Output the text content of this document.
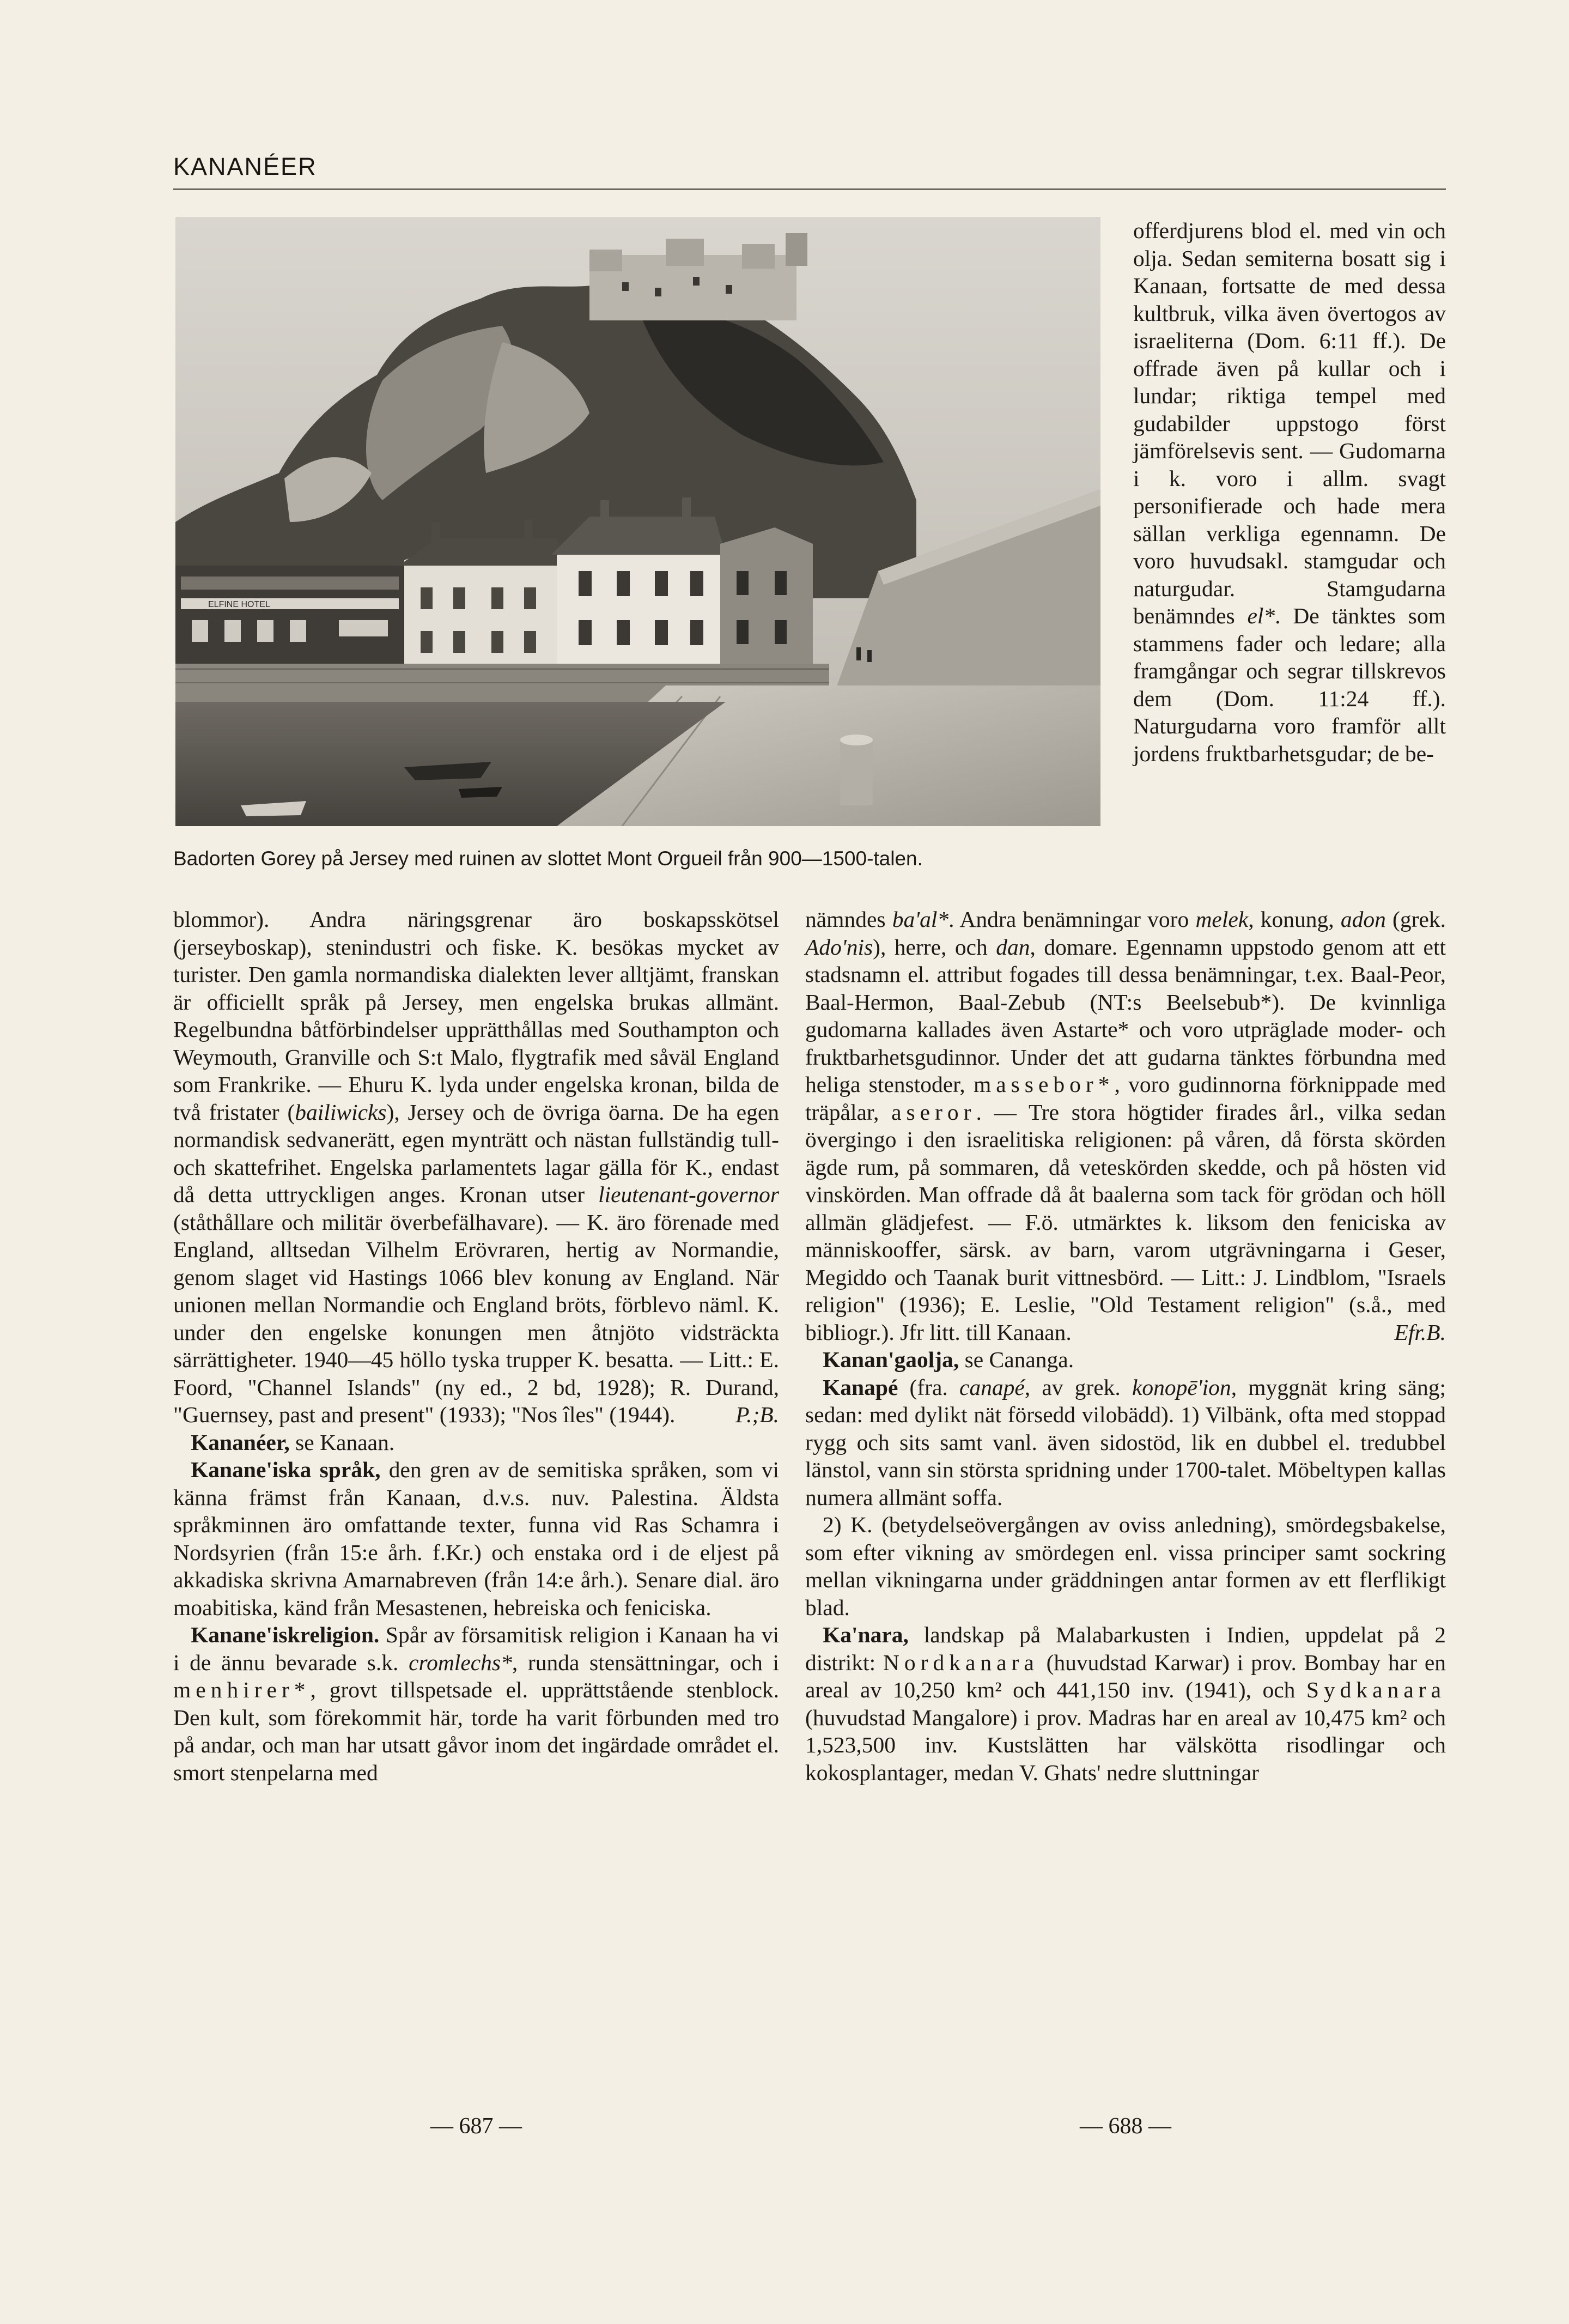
KANANÉER
ELFINE HOTEL
Badorten Gorey på Jersey med ruinen av slottet Mont Orgueil från 900—1500-talen.

offerdjurens blod el. med vin och olja. Sedan semiterna bosatt sig i Kanaan, fortsatte de med dessa kultbruk, vilka även övertogos av israeliterna (Dom. 6:11 ff.). De offrade även på kullar och i lundar; riktiga tempel med gudabilder uppstogo först jämförelsevis sent. — Gudomarna i k. voro i allm. svagt personifierade och hade mera sällan verkliga egennamn. De voro huvudsakl. stamgudar och naturgudar. Stamgudarna benämndes el*. De tänktes som stammens fader och ledare; alla framgångar och segrar tillskrevos dem (Dom. 11:24 ff.). Naturgudarna voro framför allt jordens fruktbarhetsgudar; de be-

blommor). Andra näringsgrenar äro boskapsskötsel (jerseyboskap), stenindustri och fiske. K. besökas mycket av turister. Den gamla normandiska dialekten lever alltjämt, franskan är officiellt språk på Jersey, men engelska brukas allmänt. Regelbundna båtförbindelser upprätthållas med Southampton och Weymouth, Granville och S:t Malo, flygtrafik med såväl England som Frankrike. — Ehuru K. lyda under engelska kronan, bilda de två fristater (bailiwicks), Jersey och de övriga öarna. De ha egen normandisk sedvanerätt, egen mynträtt och nästan fullständig tull- och skattefrihet. Engelska parlamentets lagar gälla för K., endast då detta uttryckligen anges. Kronan utser lieutenant-governor (ståthållare och militär överbefälhavare). — K. äro förenade med England, alltsedan Vilhelm Erövraren, hertig av Normandie, genom slaget vid Hastings 1066 blev konung av England. När unionen mellan Normandie och England bröts, förblevo näml. K. under den engelske konungen men åtnjöto vidsträckta särrättigheter. 1940—45 höllo tyska trupper K. besatta. — Litt.: E. Foord, "Channel Islands" (ny ed., 2 bd, 1928); R. Durand, "Guernsey, past and present" (1933); "Nos îles" (1944).	P.;B.

Kananéer, se Kanaan.

Kanane'iska språk, den gren av de semitiska språken, som vi känna främst från Kanaan, d.v.s. nuv. Palestina. Äldsta språkminnen äro omfattande texter, funna vid Ras Schamra i Nordsyrien (från 15:e årh. f.Kr.) och enstaka ord i de eljest på akkadiska skrivna Amarnabreven (från 14:e årh.). Senare dial. äro moabitiska, känd från Mesastenen, hebreiska och feniciska.

Kanane'iskreligion. Spår av församitisk religion i Kanaan ha vi i de ännu bevarade s.k. cromlechs*, runda stensättningar, och i menhirer*, grovt tillspetsade el. upprättstående stenblock. Den kult, som förekommit här, torde ha varit förbunden med tro på andar, och man har utsatt gåvor inom det ingärdade området el. smort stenpelarna med

nämndes ba'al*. Andra benämningar voro melek, konung, adon (grek. Ado'nis), herre, och dan, domare. Egennamn uppstodo genom att ett stadsnamn el. attribut fogades till dessa benämningar, t.ex. Baal-Peor, Baal-Hermon, Baal-Zebub (NT:s Beelsebub*). De kvinnliga gudomarna kallades även Astarte* och voro utpräglade moder- och fruktbarhetsgudinnor. Under det att gudarna tänktes förbundna med heliga stenstoder, massebor*, voro gudinnorna förknippade med träpålar, aseror. — Tre stora högtider firades årl., vilka sedan övergingo i den israelitiska religionen: på våren, då första skörden ägde rum, på sommaren, då veteskörden skedde, och på hösten vid vinskörden. Man offrade då åt baalerna som tack för grödan och höll allmän glädjefest. — F.ö. utmärktes k. liksom den feniciska av människooffer, särsk. av barn, varom utgrävningarna i Geser, Megiddo och Taanak burit vittnesbörd. — Litt.: J. Lindblom, "Israels religion" (1936); E. Leslie, "Old Testament religion" (s.å., med bibliogr.). Jfr litt. till Kanaan.	Efr.B.

Kanan'gaolja, se Cananga.

Kanapé (fra. canapé, av grek. konopē'ion, myggnät kring säng; sedan: med dylikt nät försedd vilobädd). 1) Vilbänk, ofta med stoppad rygg och sits samt vanl. även sidostöd, lik en dubbel el. tredubbel länstol, vann sin största spridning under 1700-talet. Möbeltypen kallas numera allmänt soffa.

2) K. (betydelseövergången av oviss anledning), smördegsbakelse, som efter vikning av smördegen enl. vissa principer samt sockring mellan vikningarna under gräddningen antar formen av ett flerflikigt blad.

Ka'nara, landskap på Malabarkusten i Indien, uppdelat på 2 distrikt: Nordkanara (huvudstad Karwar) i prov. Bombay har en areal av 10,250 km² och 441,150 inv. (1941), och Sydkanara (huvudstad Mangalore) i prov. Madras har en areal av 10,475 km² och 1,523,500 inv. Kustslätten har välskötta risodlingar och kokosplantager, medan V. Ghats' nedre sluttningar

— 687 —	— 688 —
